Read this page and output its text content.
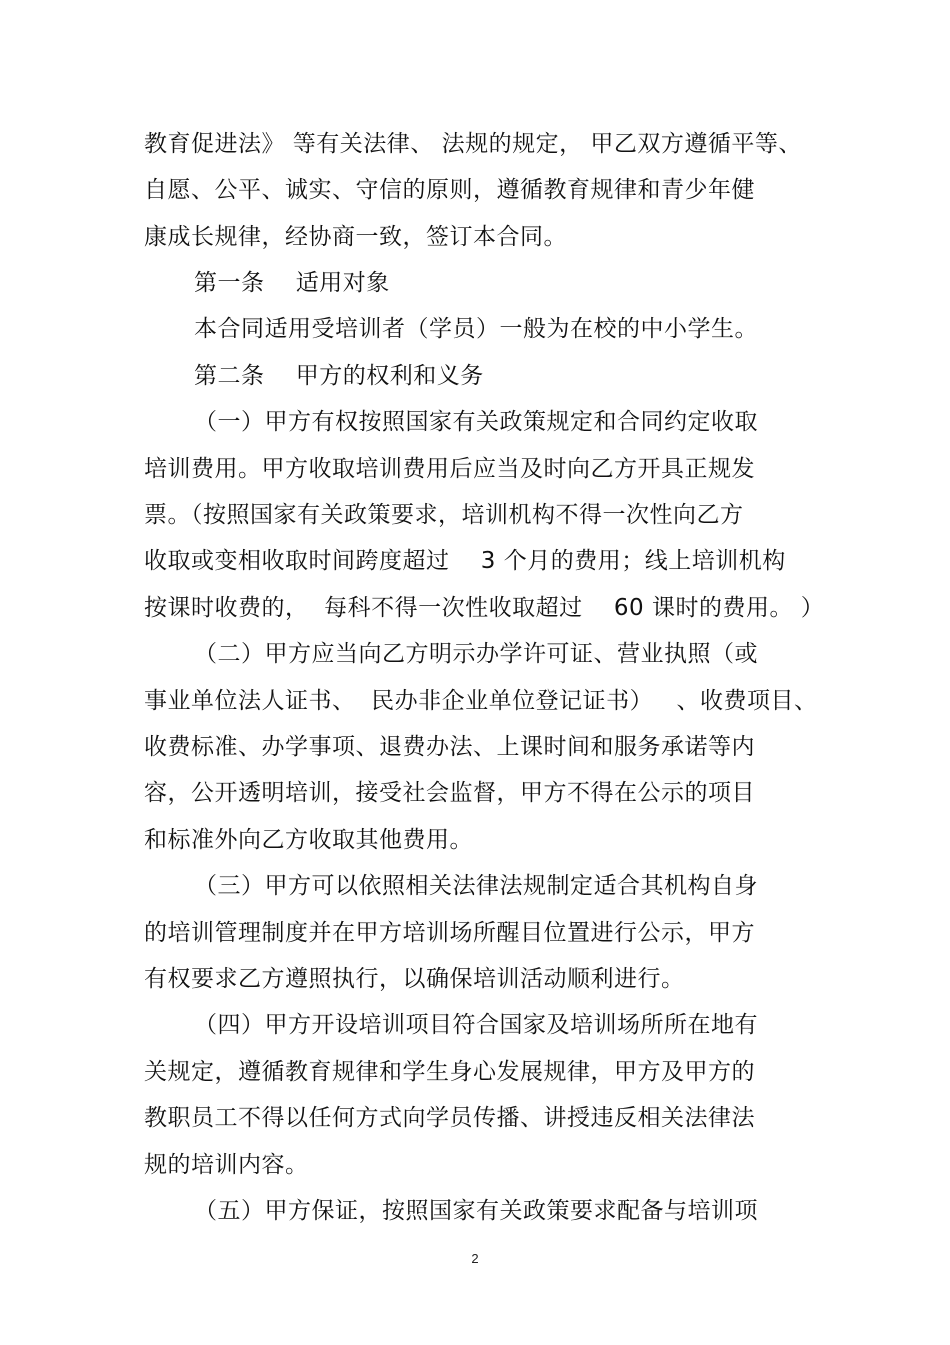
教育促进法》 等有关法律、 法规的规定， 甲乙双方遵循平等、
自愿、公平、诚实、守信的原则，遵循教育规律和青少年健
康成长规律，经协商一致，签订本合同。
第一条    适用对象
本合同适用受培训者（学员）一般为在校的中小学生。
第二条    甲方的权利和义务
（一）甲方有权按照国家有关政策规定和合同约定收取
培训费用。甲方收取培训费用后应当及时向乙方开具正规发
票。（按照国家有关政策要求，培训机构不得一次性向乙方
收取或变相收取时间跨度超过    3 个月的费用；线上培训机构
按课时收费的，  每科不得一次性收取超过    60 课时的费用。 ）
（二）甲方应当向乙方明示办学许可证、营业执照（或
事业单位法人证书、  民办非企业单位登记证书）   、收费项目、
收费标准、办学事项、退费办法、上课时间和服务承诺等内
容，公开透明培训，接受社会监督，甲方不得在公示的项目
和标准外向乙方收取其他费用。
（三）甲方可以依照相关法律法规制定适合其机构自身
的培训管理制度并在甲方培训场所醒目位置进行公示，甲方
有权要求乙方遵照执行，以确保培训活动顺利进行。
（四）甲方开设培训项目符合国家及培训场所所在地有
关规定，遵循教育规律和学生身心发展规律，甲方及甲方的
教职员工不得以任何方式向学员传播、讲授违反相关法律法
规的培训内容。
（五）甲方保证，按照国家有关政策要求配备与培训项
2
